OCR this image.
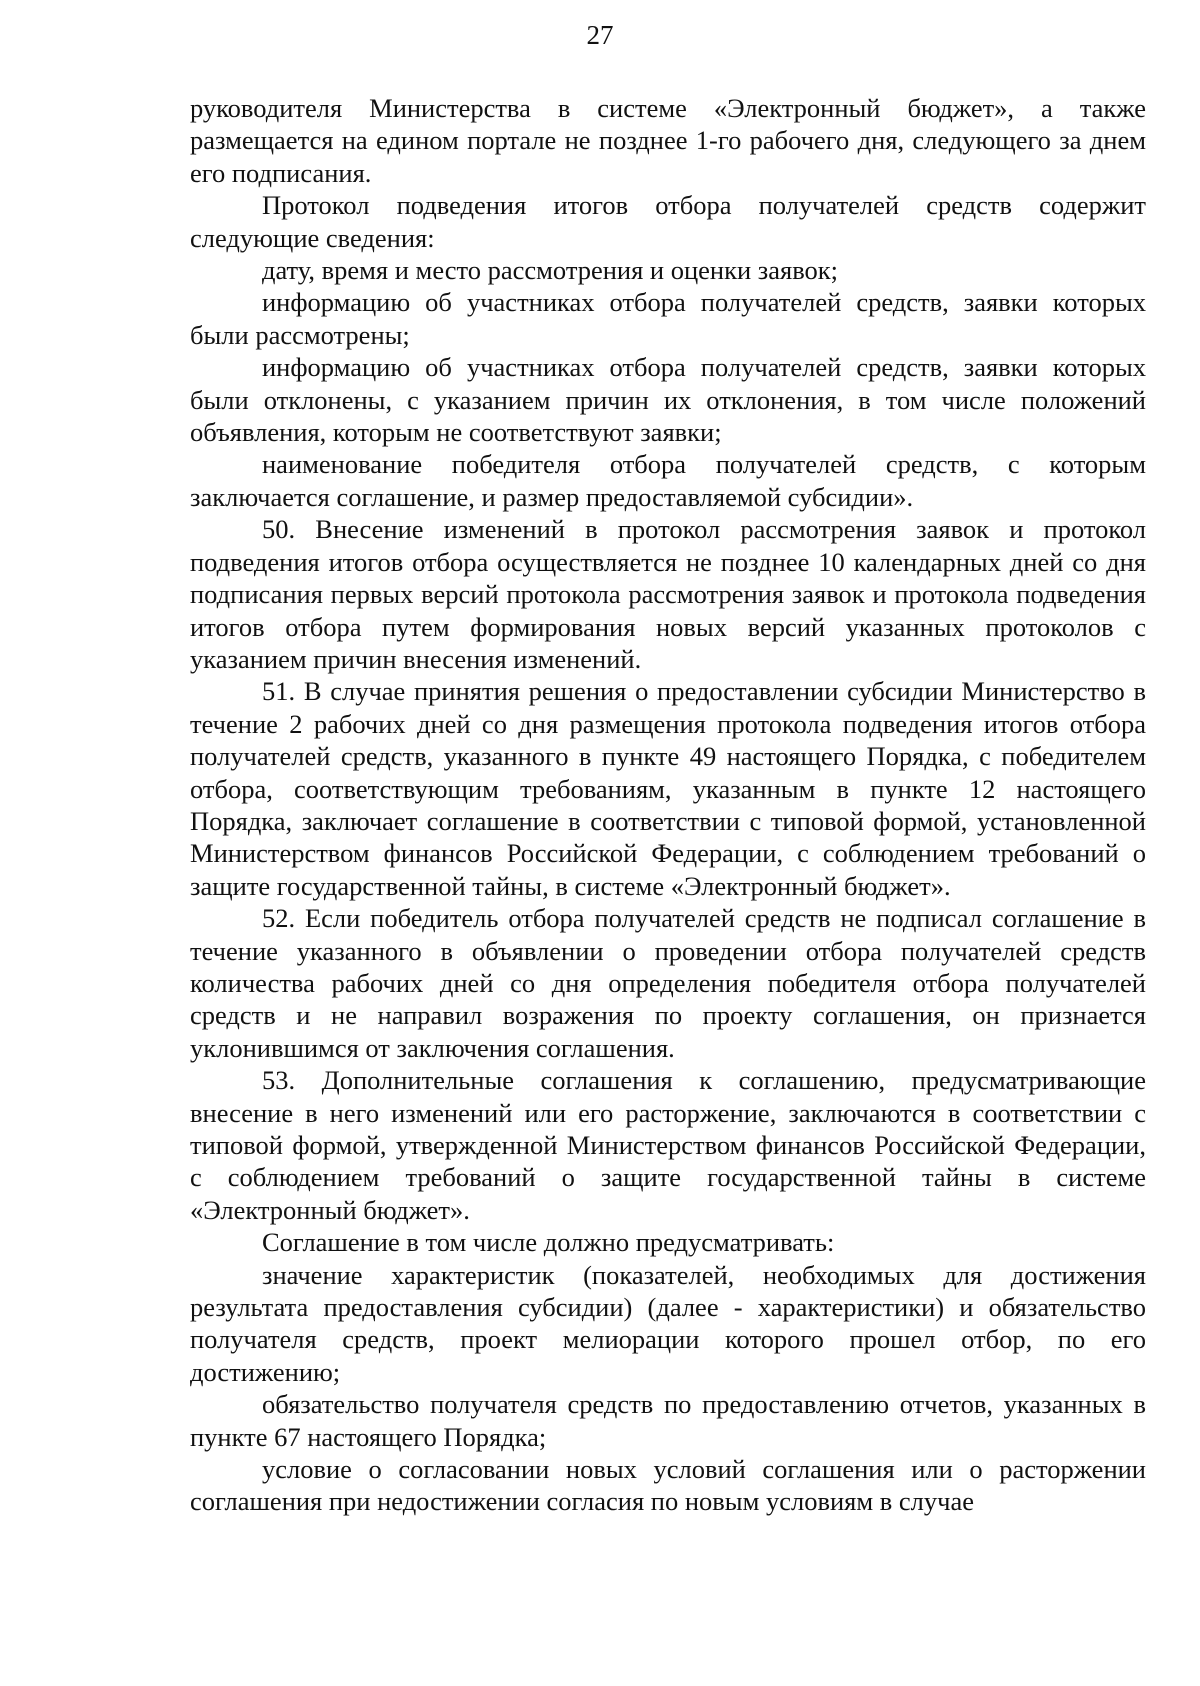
27

руководителя Министерства в системе «Электронный бюджет», а также размещается на едином портале не позднее 1-го рабочего дня, следующего за днем его подписания.

Протокол подведения итогов отбора получателей средств содержит следующие сведения:

дату, время и место рассмотрения и оценки заявок;

информацию об участниках отбора получателей средств, заявки которых были рассмотрены;

информацию об участниках отбора получателей средств, заявки которых были отклонены, с указанием причин их отклонения, в том числе положений объявления, которым не соответствуют заявки;

наименование победителя отбора получателей средств, с которым заключается соглашение, и размер предоставляемой субсидии».

50. Внесение изменений в протокол рассмотрения заявок и протокол подведения итогов отбора осуществляется не позднее 10 календарных дней со дня подписания первых версий протокола рассмотрения заявок и протокола подведения итогов отбора путем формирования новых версий указанных протоколов с указанием причин внесения изменений.

51. В случае принятия решения о предоставлении субсидии Министерство в течение 2 рабочих дней со дня размещения протокола подведения итогов отбора получателей средств, указанного в пункте 49 настоящего Порядка, с победителем отбора, соответствующим требованиям, указанным в пункте 12 настоящего Порядка, заключает соглашение в соответствии с типовой формой, установленной Министерством финансов Российской Федерации, с соблюдением требований о защите государственной тайны, в системе «Электронный бюджет».

52. Если победитель отбора получателей средств не подписал соглашение в течение указанного в объявлении о проведении отбора получателей средств количества рабочих дней со дня определения победителя отбора получателей средств и не направил возражения по проекту соглашения, он признается уклонившимся от заключения соглашения.

53. Дополнительные соглашения к соглашению, предусматривающие внесение в него изменений или его расторжение, заключаются в соответствии с типовой формой, утвержденной Министерством финансов Российской Федерации, с соблюдением требований о защите государственной тайны в системе «Электронный бюджет».

Соглашение в том числе должно предусматривать:

значение характеристик (показателей, необходимых для достижения результата предоставления субсидии) (далее - характеристики) и обязательство получателя средств, проект мелиорации которого прошел отбор, по его достижению;

обязательство получателя средств по предоставлению отчетов, указанных в пункте 67 настоящего Порядка;

условие о согласовании новых условий соглашения или о расторжении соглашения при недостижении согласия по новым условиям в случае
